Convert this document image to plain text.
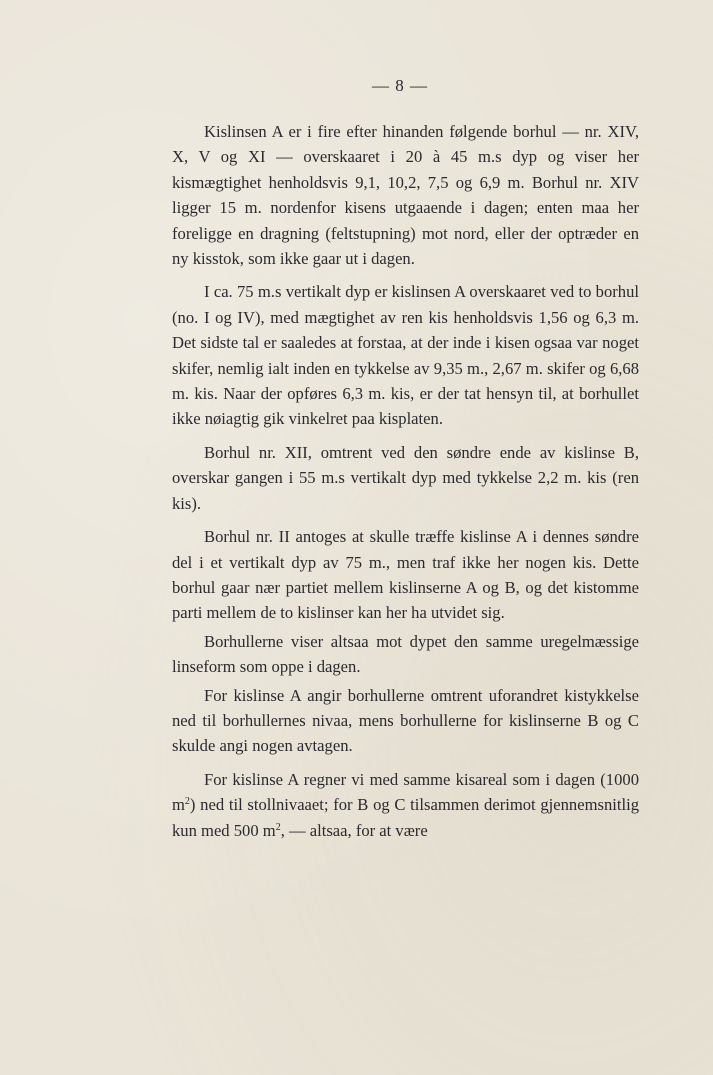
— 8 —

Kislinsen A er i fire efter hinanden følgende borhul — nr. XIV, X, V og XI — overskaaret i 20 à 45 m.s dyp og viser her kismægtighet henholdsvis 9,1, 10,2, 7,5 og 6,9 m. Borhul nr. XIV ligger 15 m. nordenfor kisens utgaaende i dagen; enten maa her foreligge en dragning (feltstupning) mot nord, eller der optræder en ny kisstok, som ikke gaar ut i dagen.

I ca. 75 m.s vertikalt dyp er kislinsen A overskaaret ved to borhul (no. I og IV), med mægtighet av ren kis henholdsvis 1,56 og 6,3 m. Det sidste tal er saaledes at forstaa, at der inde i kisen ogsaa var noget skifer, nemlig ialt inden en tykkelse av 9,35 m., 2,67 m. skifer og 6,68 m. kis. Naar der opføres 6,3 m. kis, er der tat hensyn til, at borhullet ikke nøiagtig gik vinkelret paa kisplaten.

Borhul nr. XII, omtrent ved den søndre ende av kislinse B, overskar gangen i 55 m.s vertikalt dyp med tykkelse 2,2 m. kis (ren kis).

Borhul nr. II antoges at skulle træffe kislinse A i dennes søndre del i et vertikalt dyp av 75 m., men traf ikke her nogen kis. Dette borhul gaar nær partiet mellem kislinserne A og B, og det kistomme parti mellem de to kislinser kan her ha utvidet sig.

Borhullerne viser altsaa mot dypet den samme uregelmæssige linseform som oppe i dagen.

For kislinse A angir borhullerne omtrent uforandret kistykkelse ned til borhullernes nivaa, mens borhullerne for kislinserne B og C skulde angi nogen avtagen.

For kislinse A regner vi med samme kisareal som i dagen (1000 $m^2$) ned til stollnivaaet; for B og C tilsammen derimot gjennemsnitlig kun med 500 $m^2$, — altsaa, for at være
